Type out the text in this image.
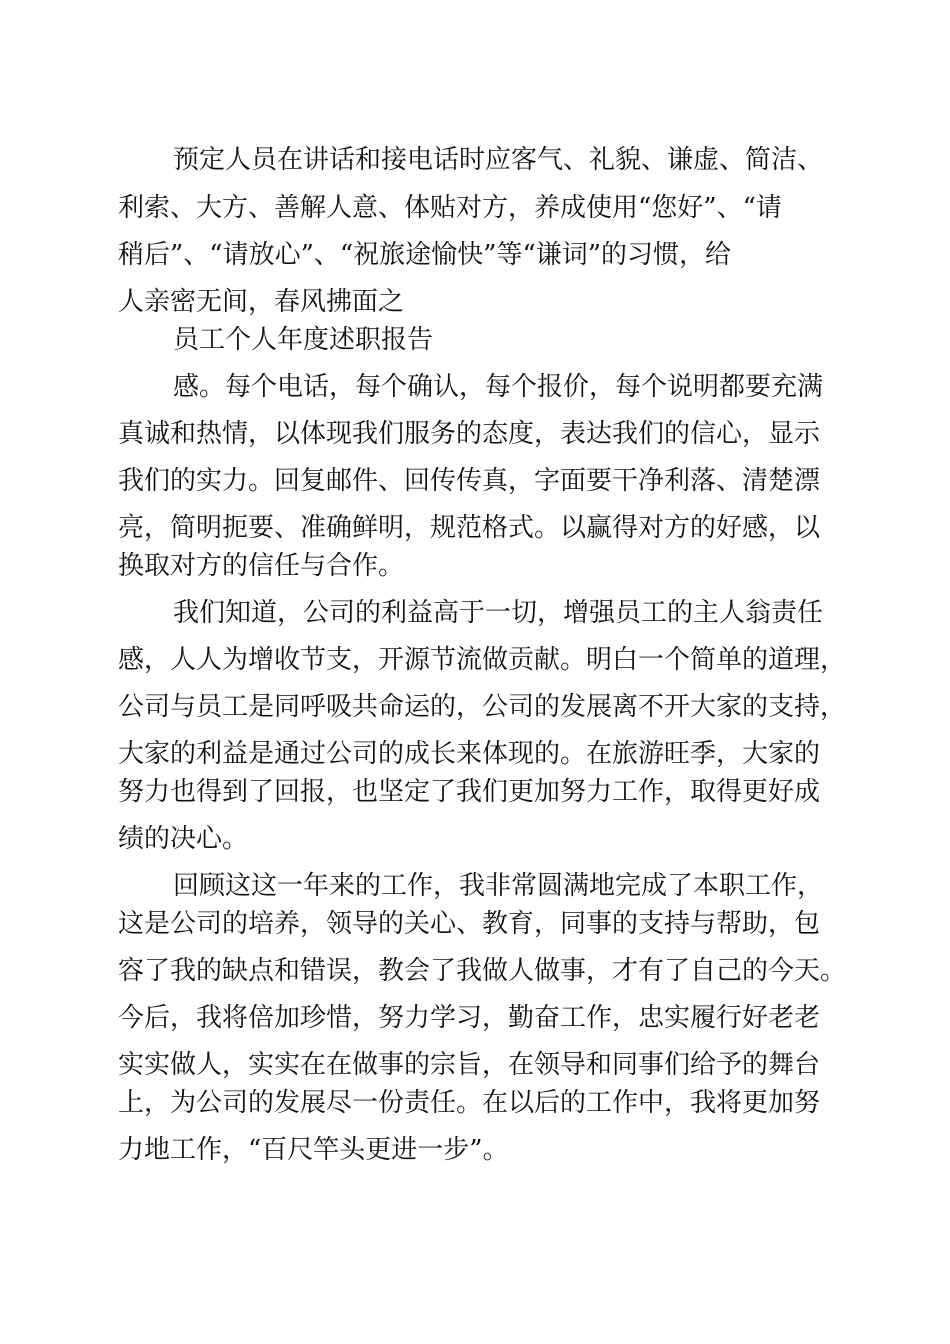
预定人员在讲话和接电话时应客气、礼貌、谦虚、简洁、
利索、大方、善解人意、体贴对方，养成使用“您好”、“请
稍后”、“请放心”、“祝旅途愉快”等“谦词”的习惯，给
人亲密无间，春风拂面之
员工个人年度述职报告
感。每个电话，每个确认，每个报价，每个说明都要充满
真诚和热情，以体现我们服务的态度，表达我们的信心，显示
我们的实力。回复邮件、回传传真，字面要干净利落、清楚漂
亮，简明扼要、准确鲜明，规范格式。以赢得对方的好感，以
换取对方的信任与合作。
我们知道，公司的利益高于一切，增强员工的主人翁责任
感，人人为增收节支，开源节流做贡献。明白一个简单的道理，
公司与员工是同呼吸共命运的，公司的发展离不开大家的支持，
大家的利益是通过公司的成长来体现的。在旅游旺季，大家的
努力也得到了回报，也坚定了我们更加努力工作，取得更好成
绩的决心。
回顾这这一年来的工作，我非常圆满地完成了本职工作，
这是公司的培养，领导的关心、教育，同事的支持与帮助，包
容了我的缺点和错误，教会了我做人做事，才有了自己的今天。
今后，我将倍加珍惜，努力学习，勤奋工作，忠实履行好老老
实实做人，实实在在做事的宗旨，在领导和同事们给予的舞台
上，为公司的发展尽一份责任。在以后的工作中，我将更加努
力地工作，“百尺竿头更进一步”。
